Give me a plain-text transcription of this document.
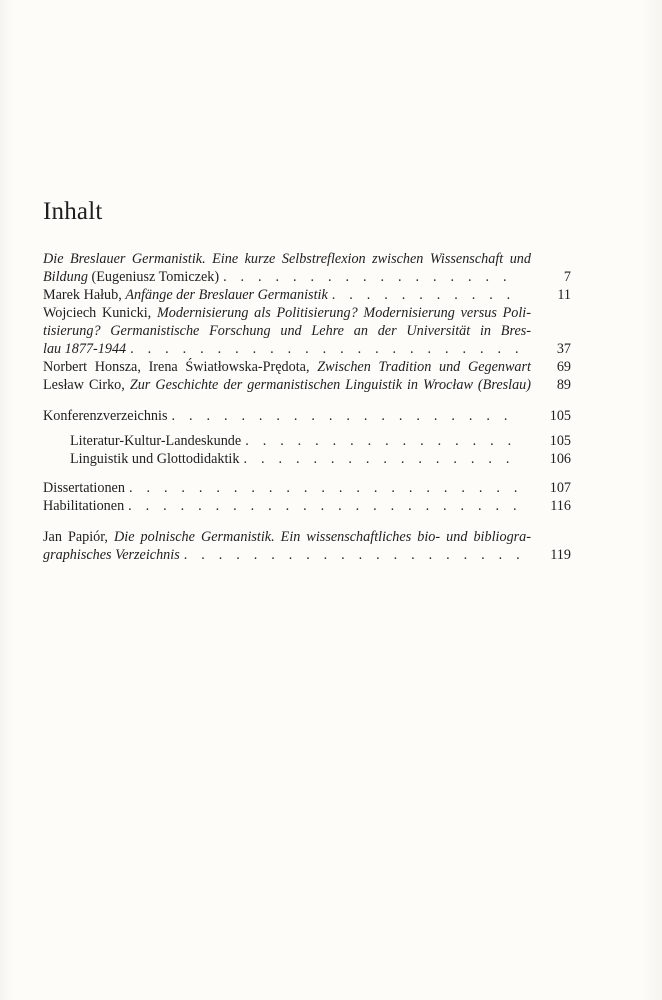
Inhalt
Die Breslauer Germanistik. Eine kurze Selbstreflexion zwischen Wissenschaft und
Bildung (Eugeniusz Tomiczek) . . .	7
Marek Hałub, Anfänge der Breslauer Germanistik . . .	11
Wojciech Kunicki, Modernisierung als Politisierung? Modernisierung versus Poli-
tisierung? Germanistische Forschung und Lehre an der Universität in Bres-
lau 1877-1944 . . .	37
Norbert Honsza, Irena Światłowska-Prędota, Zwischen Tradition und Gegenwart 69
Lesław Cirko, Zur Geschichte der germanistischen Linguistik in Wrocław (Breslau) 89
Konferenzverzeichnis . . .	105
Literatur-Kultur-Landeskunde . . .	105
Linguistik und Glottodidaktik . . .	106
Dissertationen . . .	107
Habilitationen . . .	116
Jan Papiór, Die polnische Germanistik. Ein wissenschaftliches bio- und bibliogra-
graphisches Verzeichnis . . .	119
